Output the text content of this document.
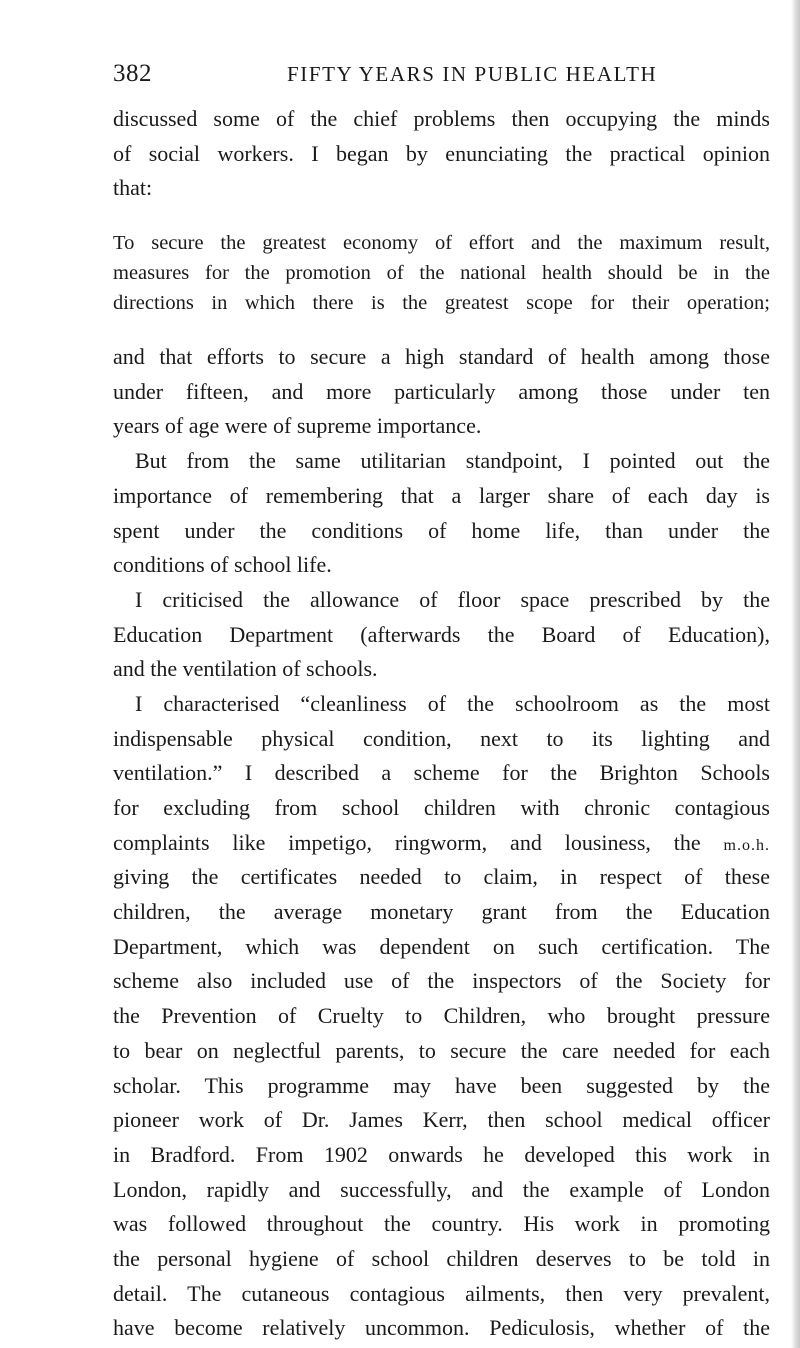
382	FIFTY YEARS IN PUBLIC HEALTH
discussed some of the chief problems then occupying the minds
of social workers. I began by enunciating the practical opinion
that:
To secure the greatest economy of effort and the maximum result,
measures for the promotion of the national health should be in the
directions in which there is the greatest scope for their operation;
and that efforts to secure a high standard of health among those
under fifteen, and more particularly among those under ten
years of age were of supreme importance.
But from the same utilitarian standpoint, I pointed out the
importance of remembering that a larger share of each day is
spent under the conditions of home life, than under the
conditions of school life.
I criticised the allowance of floor space prescribed by the
Education Department (afterwards the Board of Education),
and the ventilation of schools.
I characterised “cleanliness of the schoolroom as the most
indispensable physical condition, next to its lighting and
ventilation.” I described a scheme for the Brighton Schools
for excluding from school children with chronic contagious
complaints like impetigo, ringworm, and lousiness, the m.o.h.
giving the certificates needed to claim, in respect of these
children, the average monetary grant from the Education
Department, which was dependent on such certification. The
scheme also included use of the inspectors of the Society for
the Prevention of Cruelty to Children, who brought pressure
to bear on neglectful parents, to secure the care needed for each
scholar. This programme may have been suggested by the
pioneer work of Dr. James Kerr, then school medical officer
in Bradford. From 1902 onwards he developed this work in
London, rapidly and successfully, and the example of London
was followed throughout the country. His work in promoting
the personal hygiene of school children deserves to be told in
detail. The cutaneous contagious ailments, then very prevalent,
have become relatively uncommon. Pediculosis, whether of the
